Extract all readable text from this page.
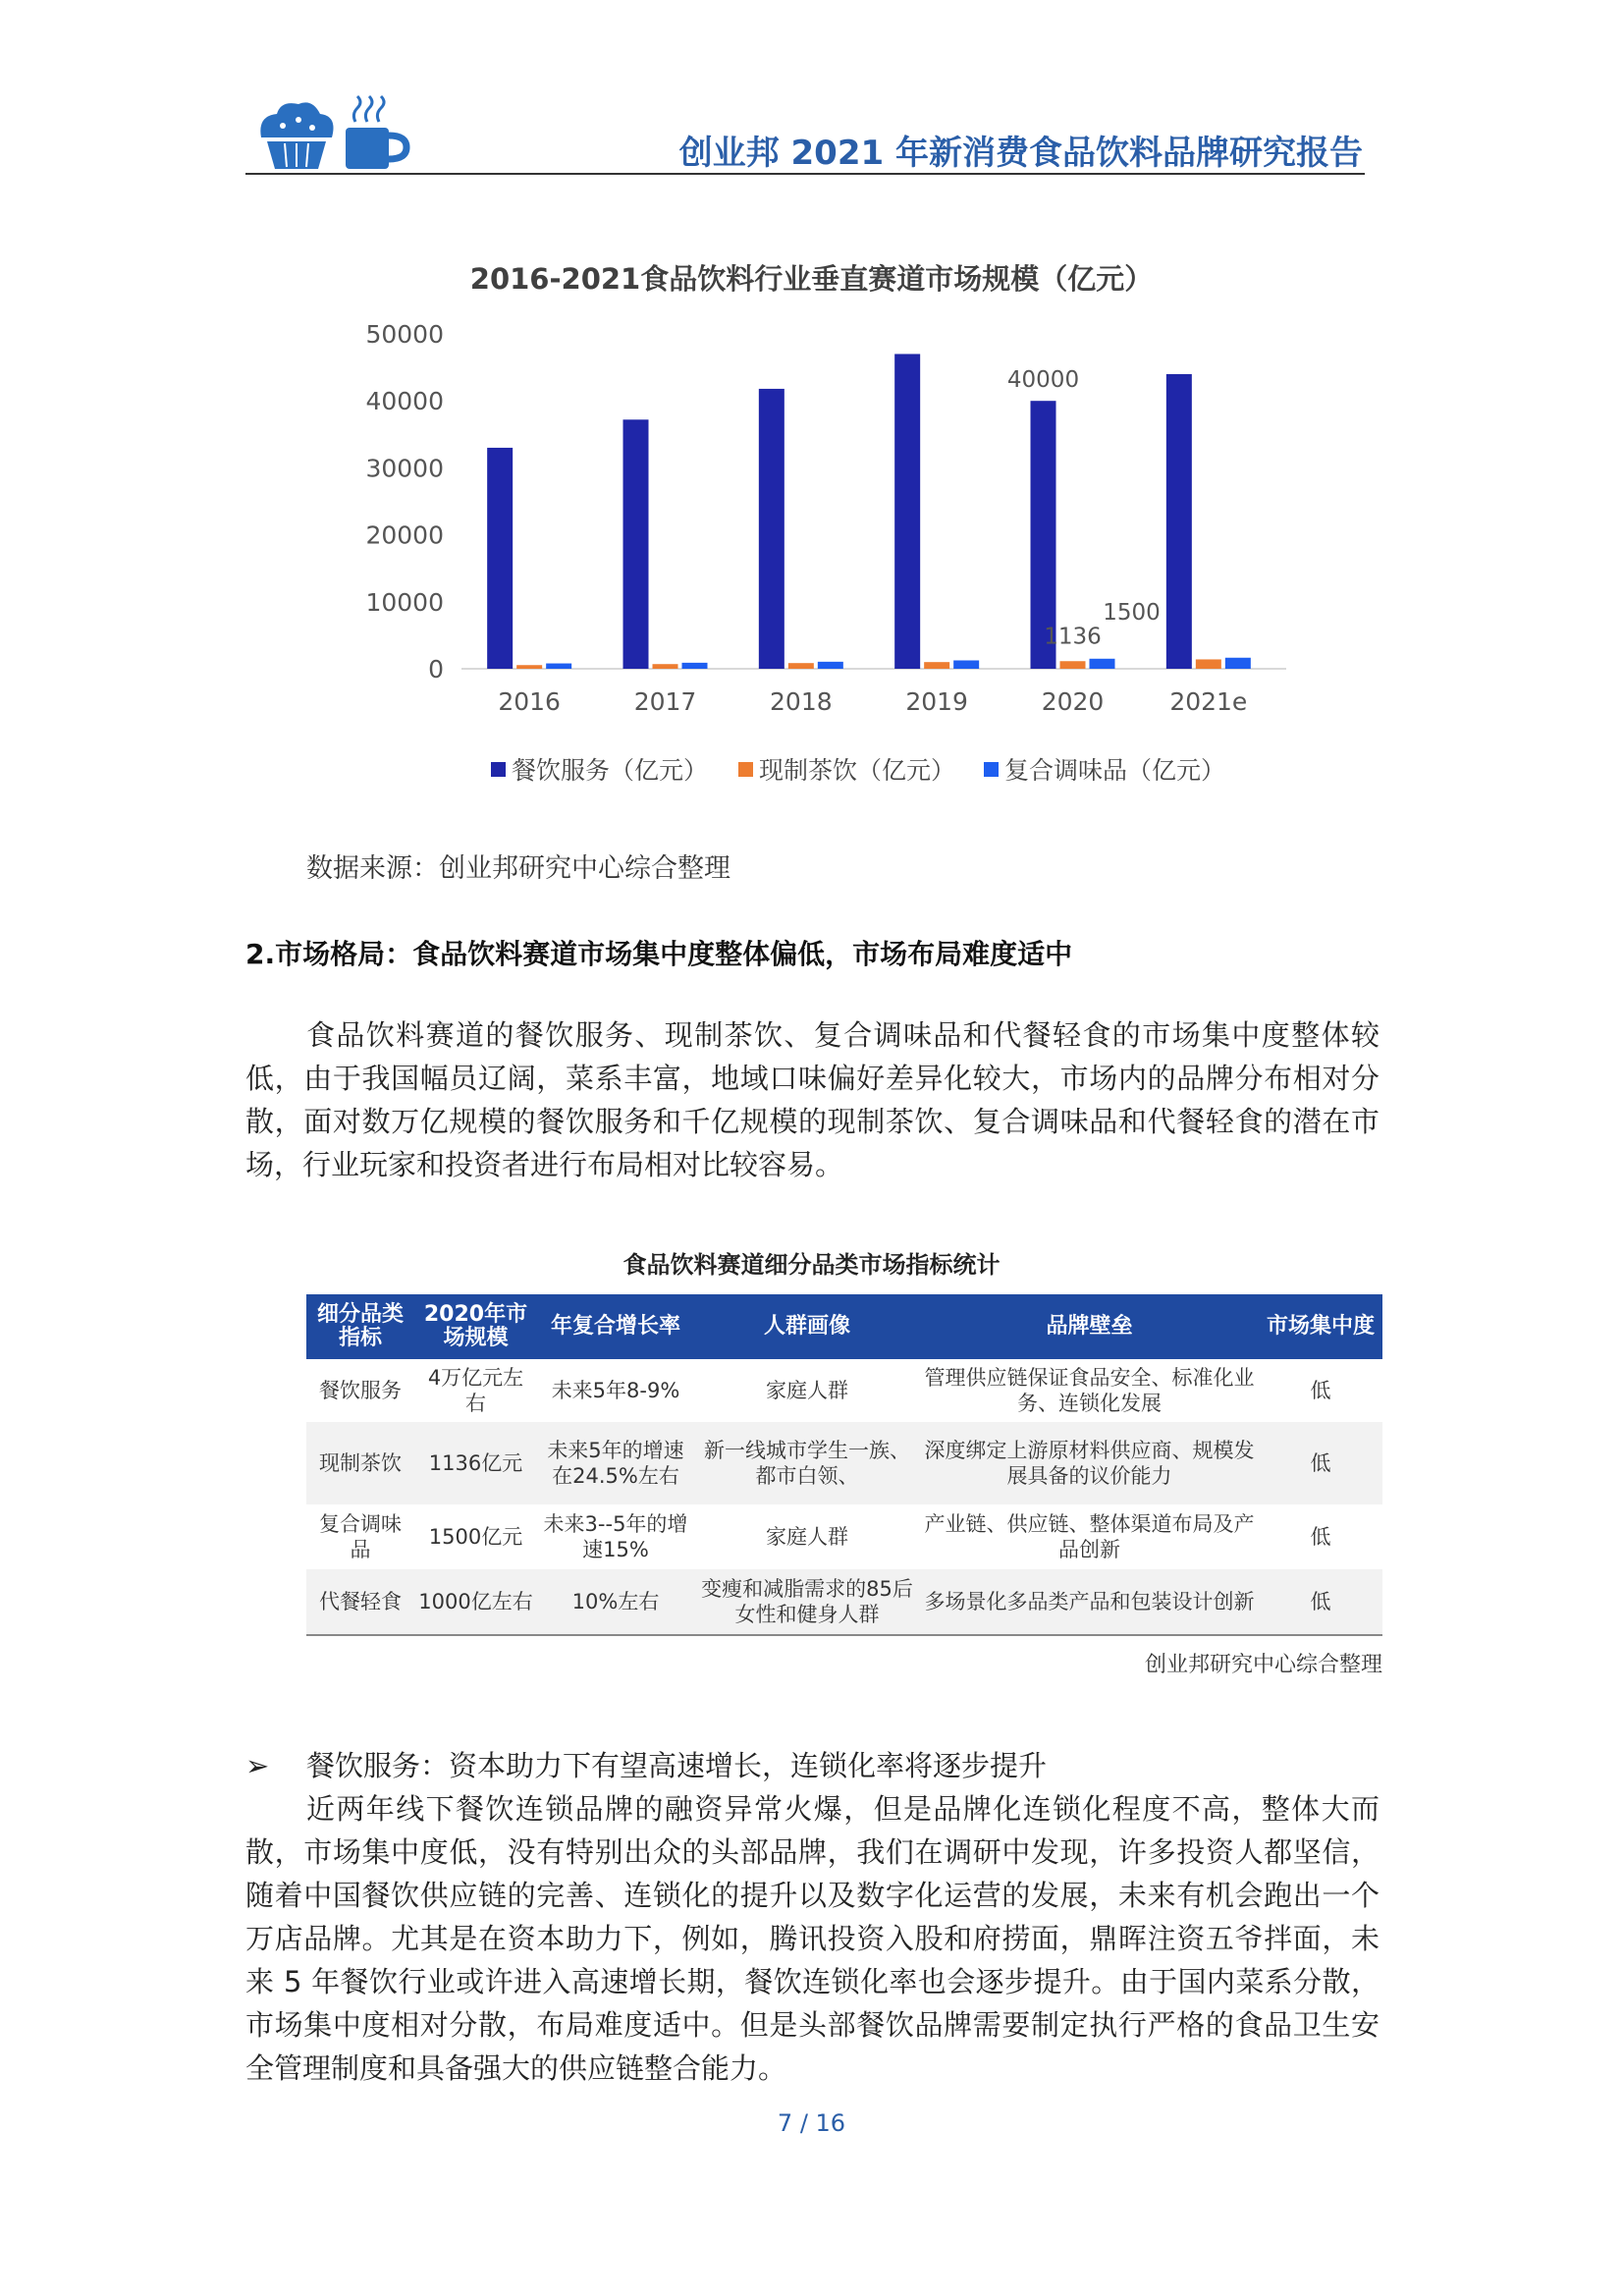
创业邦 2021 年新消费食品饮料品牌研究报告
2016-2021食品饮料行业垂直赛道市场规模（亿元）
0
10000
20000
30000
40000
50000
2016	2017	2018	2019	2020	2021e
40000
1136
1500
餐饮服务（亿元） 现制茶饮（亿元） 复合调味品（亿元）
数据来源：创业邦研究中心综合整理
2.市场格局：食品饮料赛道市场集中度整体偏低，市场布局难度适中

食品饮料赛道的餐饮服务、现制茶饮、复合调味品和代餐轻食的市场集中度整体较低，由于我国幅员辽阔，菜系丰富，地域口味偏好差异化较大，市场内的品牌分布相对分散，面对数万亿规模的餐饮服务和千亿规模的现制茶饮、复合调味品和代餐轻食的潜在市场，行业玩家和投资者进行布局相对比较容易。

食品饮料赛道细分品类市场指标统计
细分品类指标	2020年市场规模	年复合增长率	人群画像	品牌壁垒	市场集中度
餐饮服务	4万亿元左右	未来5年8-9%	家庭人群	管理供应链保证食品安全、标准化业务、连锁化发展	低
现制茶饮	1136亿元	未来5年的增速在24.5%左右	新一线城市学生一族、都市白领、	深度绑定上游原材料供应商、规模发展具备的议价能力	低
复合调味品	1500亿元	未来3--5年的增速15%	家庭人群	产业链、供应链、整体渠道布局及产品创新	低
代餐轻食	1000亿左右	10%左右	变瘦和减脂需求的85后女性和健身人群	多场景化多品类产品和包装设计创新	低
创业邦研究中心综合整理
➢ 餐饮服务：资本助力下有望高速增长，连锁化率将逐步提升

近两年线下餐饮连锁品牌的融资异常火爆，但是品牌化连锁化程度不高，整体大而散，市场集中度低，没有特别出众的头部品牌，我们在调研中发现，许多投资人都坚信，随着中国餐饮供应链的完善、连锁化的提升以及数字化运营的发展，未来有机会跑出一个万店品牌。尤其是在资本助力下，例如，腾讯投资入股和府捞面，鼎晖注资五爷拌面，未来 5 年餐饮行业或许进入高速增长期，餐饮连锁化率也会逐步提升。由于国内菜系分散，市场集中度相对分散，布局难度适中。但是头部餐饮品牌需要制定执行严格的食品卫生安全管理制度和具备强大的供应链整合能力。

7 / 16
